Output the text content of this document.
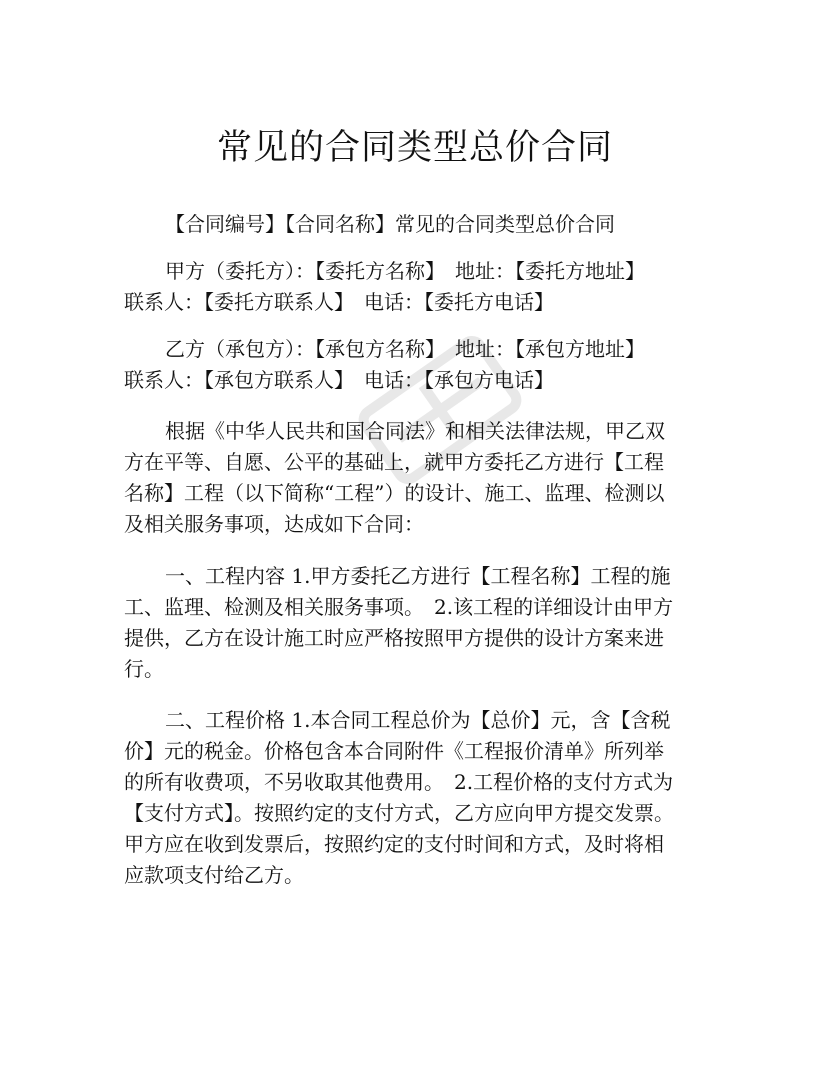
常见的合同类型总价合同

【合同编号】【合同名称】常见的合同类型总价合同

甲方（委托方）：【委托方名称】　地址：【委托方地址】
联系人：【委托方联系人】　电话：【委托方电话】

乙方（承包方）：【承包方名称】　地址：【承包方地址】
联系人：【承包方联系人】　电话：【承包方电话】

根据《中华人民共和国合同法》和相关法律法规，甲乙双
方在平等、自愿、公平的基础上，就甲方委托乙方进行【工程
名称】工程（以下简称“工程”）的设计、施工、监理、检测以
及相关服务事项，达成如下合同：

一、工程内容 1.甲方委托乙方进行【工程名称】工程的施
工、监理、检测及相关服务事项。　2.该工程的详细设计由甲方
提供，乙方在设计施工时应严格按照甲方提供的设计方案来进
行。

二、工程价格 1.本合同工程总价为【总价】元，含【含税
价】元的税金。价格包含本合同附件《工程报价清单》所列举
的所有收费项，不另收取其他费用。　2.工程价格的支付方式为
【支付方式】。按照约定的支付方式，乙方应向甲方提交发票。
甲方应在收到发票后，按照约定的支付时间和方式，及时将相
应款项支付给乙方。
